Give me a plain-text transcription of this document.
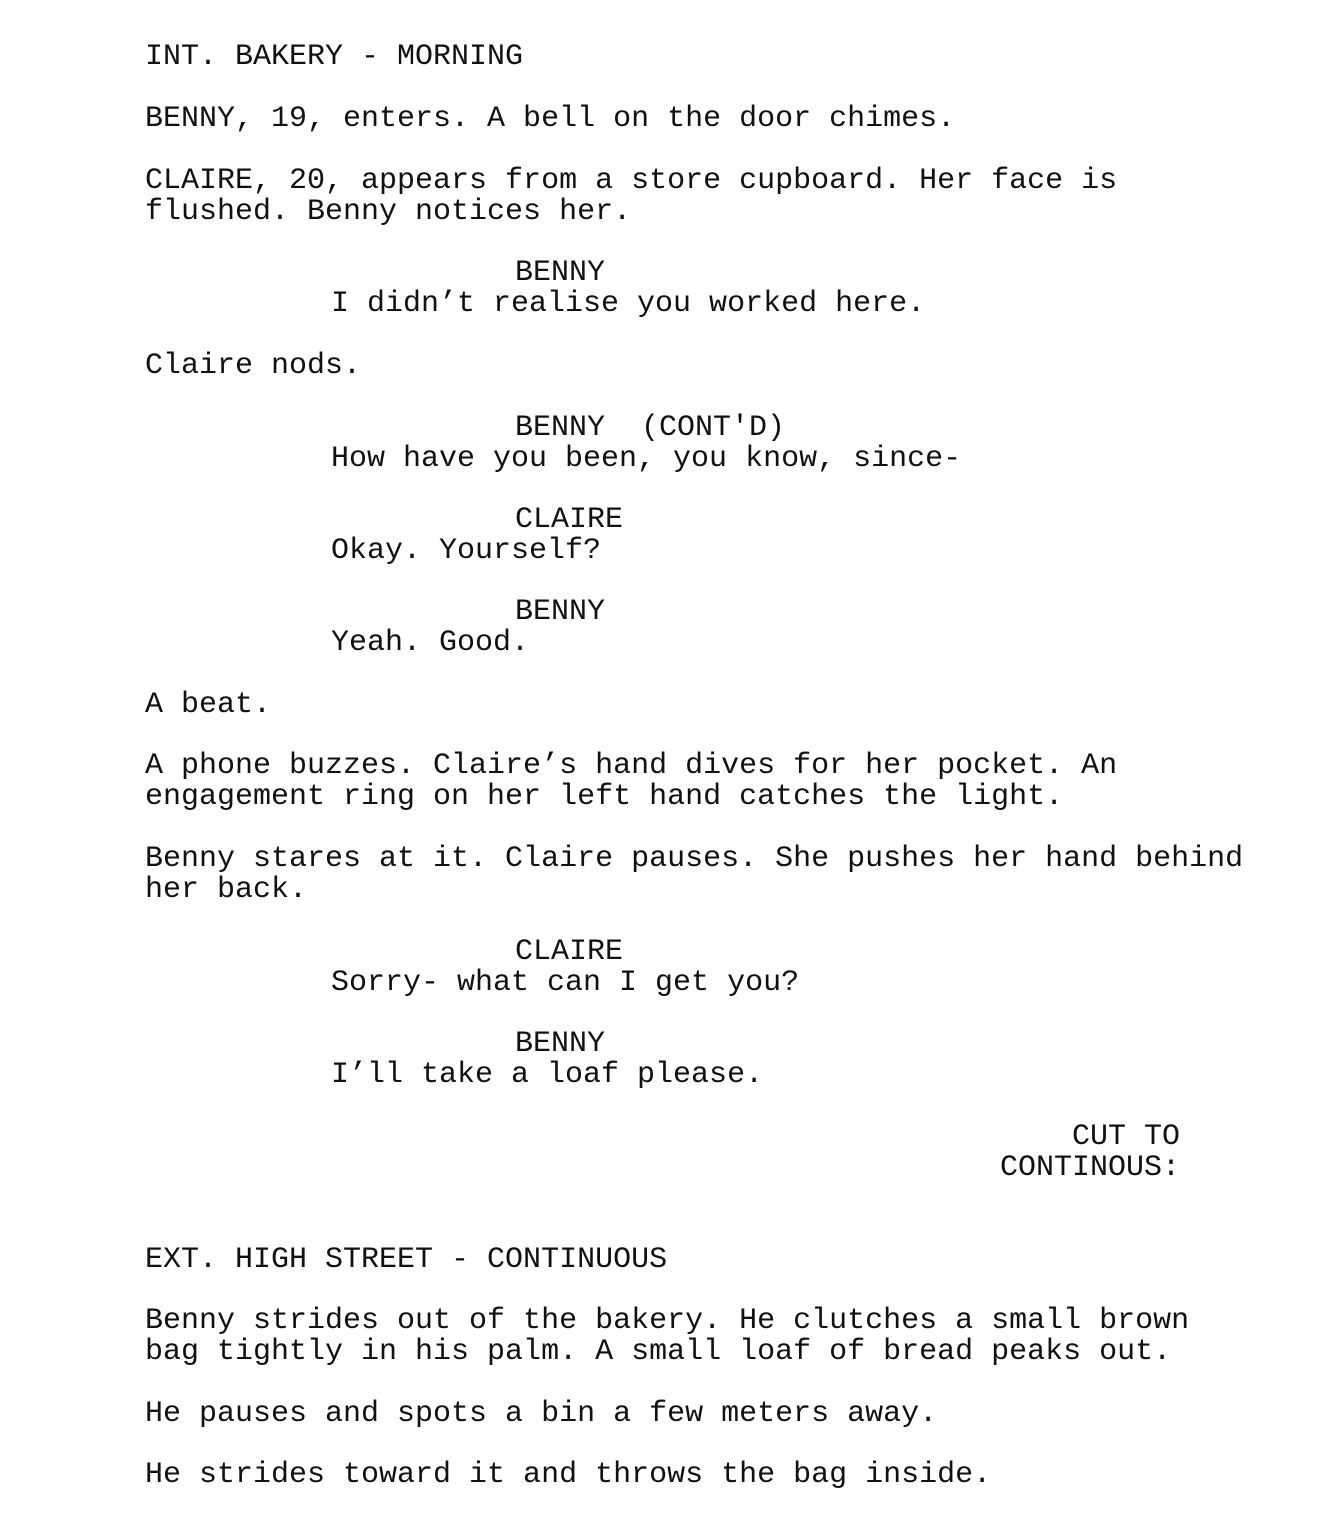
INT. BAKERY - MORNING

BENNY, 19, enters. A bell on the door chimes.

CLAIRE, 20, appears from a store cupboard. Her face is

flushed. Benny notices her.

BENNY

I didn’t realise you worked here.

Claire nods.

BENNY (CONT'D)

How have you been, you know, since-

CLAIRE

Okay. Yourself?

BENNY

Yeah. Good.

A beat.

A phone buzzes. Claire’s hand dives for her pocket. An

engagement ring on her left hand catches the light.

Benny stares at it. Claire pauses. She pushes her hand behind

her back.

CLAIRE

Sorry- what can I get you?

BENNY

I’ll take a loaf please.

CUT TO

CONTINOUS:

EXT. HIGH STREET - CONTINUOUS

Benny strides out of the bakery. He clutches a small brown

bag tightly in his palm. A small loaf of bread peaks out.

He pauses and spots a bin a few meters away.

He strides toward it and throws the bag inside.
